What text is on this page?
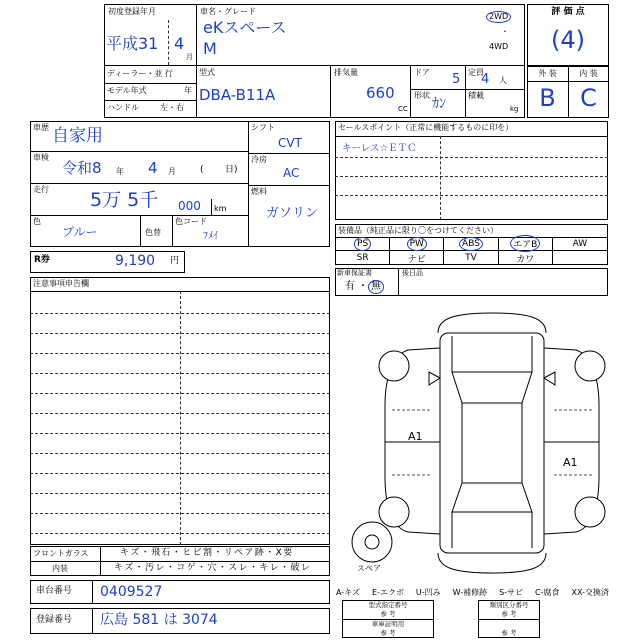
初度登録年月
平成31 4
月
車名・グレード
eKスペース
M
2WD
・
4WD
評 価 点
(4)
外 装	内 装
B	C
ディーラー・並 行
モデル年式	年
ハンドル	左・右
型式
DBA-B11A
排気量
660
CC
ドア 5 定員
4 人
形状
ｶﾝ
積載
kg
車歴 自家用
車検
令和8 年 4 月	( 日)
走行 5万 5千 000 km
色
ブルー	色替
色コード
ﾌﾒｲ
シフト
CVT
冷房
AC
燃料
ガソリン
R券	9,190 円
注意事項申告欄
フロントガラス	キズ・飛石・ヒビ割・リペア跡・X要
内装	キズ・汚レ・コゲ・穴・スレ・キレ・破レ
車台番号 0409527
登録番号 広島 581 は 3074
セールスポイント（正常に機能するものに印を）
キーレス☆ＥＴＣ
装備品（純正品に限り〇をつけてください）
PS	PW	ABS	エアB	AW
SR	ナビ	TV	カワ
新車保証書
有 ・ 無
後日品
A1
A1
スペア
A-キズ E-エクボ U-凹み W-補修跡 S-サビ C-腐食 XX-交換済
型式指定番号
参 考
車庫証明用
参 考
類別区分番号
参 考
参 考
